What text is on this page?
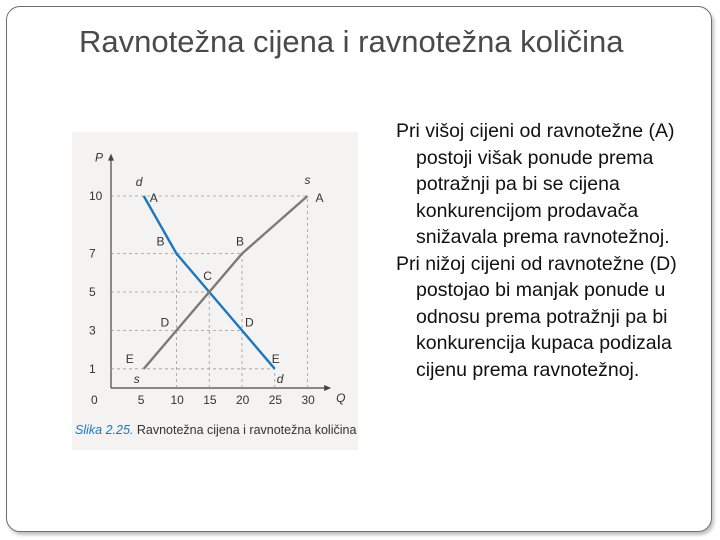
Ravnotežna cijena i ravnotežna količina
0	5 10 15 20 25 30
1
3
5
7
10
Q
P
d
d
s
s
A	A
B	B
C
D	D
E	E
Slika 2.25. Ravnotežna cijena i ravnotežna količina

Pri višoj cijeni od ravnotežne (A) postoji višak ponude prema potražnji pa bi se cijena konkurencijom prodavača snižavala prema ravnotežnoj.

Pri nižoj cijeni od ravnotežne (D) postojao bi manjak ponude u odnosu prema potražnji pa bi konkurencija kupaca podizala cijenu prema ravnotežnoj.
